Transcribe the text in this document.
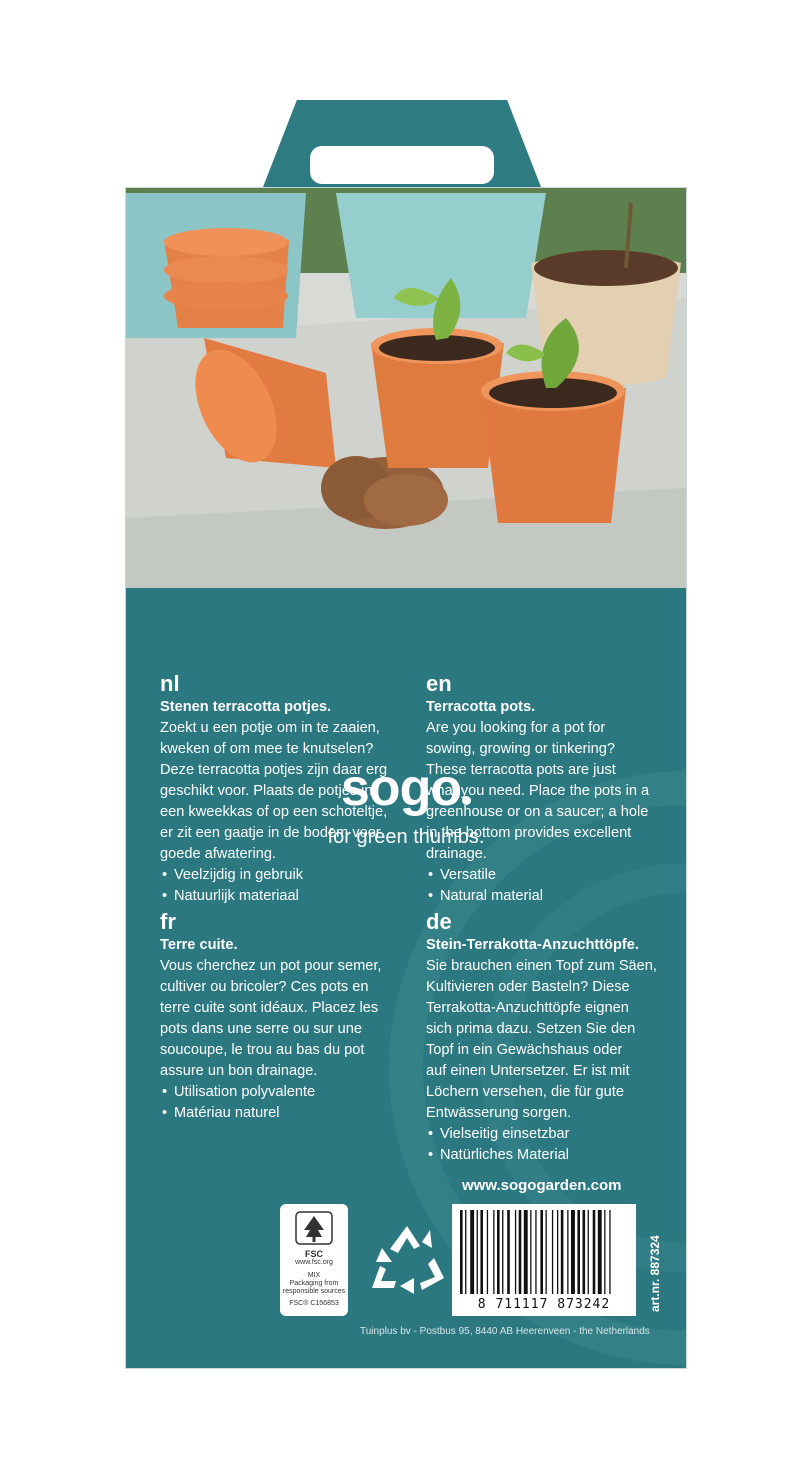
sogo
for green thumbs.
nl
Stenen terracotta potjes.
Zoekt u een potje om in te zaaien,
kweken of om mee te knutselen?
Deze terracotta potjes zijn daar erg
geschikt voor. Plaats de potjes in
een kweekkas of op een schoteltje,
er zit een gaatje in de bodem voor
goede afwatering.
• Veelzijdig in gebruik
• Natuurlijk materiaal
en
Terracotta pots.
Are you looking for a pot for
sowing, growing or tinkering?
These terracotta pots are just
what you need. Place the pots in a
greenhouse or on a saucer; a hole
in the bottom provides excellent
drainage.
• Versatile
• Natural material
fr
Terre cuite.
Vous cherchez un pot pour semer,
cultiver ou bricoler? Ces pots en
terre cuite sont idéaux. Placez les
pots dans une serre ou sur une
soucoupe, le trou au bas du pot
assure un bon drainage.
• Utilisation polyvalente
• Matériau naturel
de
Stein-Terrakotta-Anzuchttöpfe.
Sie brauchen einen Topf zum Säen,
Kultivieren oder Basteln? Diese
Terrakotta-Anzuchttöpfe eignen
sich prima dazu. Setzen Sie den
Topf in ein Gewächshaus oder
auf einen Untersetzer. Er ist mit
Löchern versehen, die für gute
Entwässerung sorgen.
• Vielseitig einsetzbar
• Natürliches Material
www.sogogarden.com
FSC
www.fsc.org
MIX
Packaging from
responsible sources
FSC® C156853	8 711117 873242	art.nr. 887324
Tuinplus bv - Postbus 95, 8440 AB Heerenveen - the Netherlands
